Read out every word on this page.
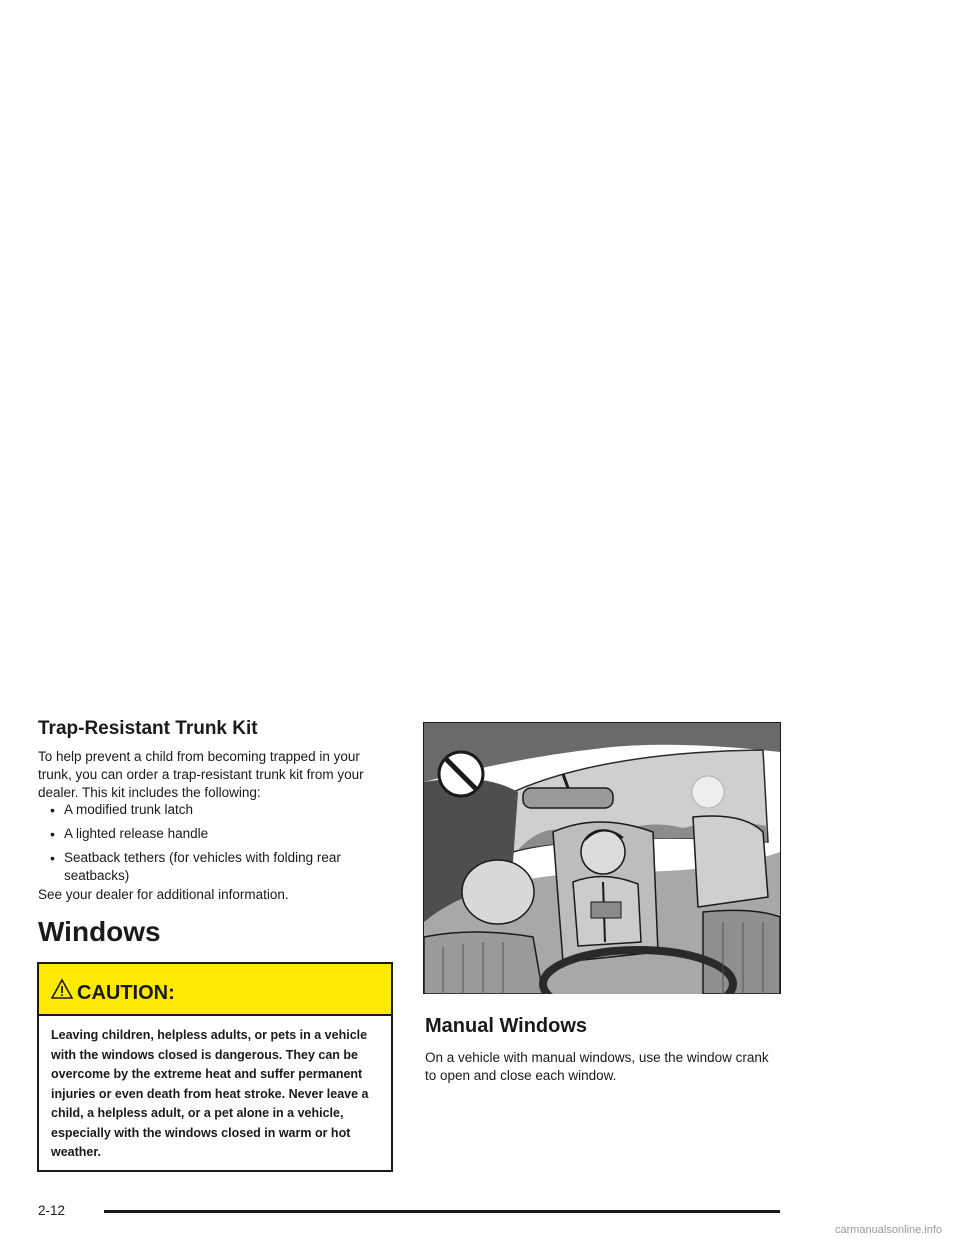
Trap-Resistant Trunk Kit

To help prevent a child from becoming trapped in your trunk, you can order a trap-resistant trunk kit from your dealer. This kit includes the following:

• A modified trunk latch
• A lighted release handle
• Seatback tethers (for vehicles with folding rear seatbacks)

See your dealer for additional information.

Windows
CAUTION:

Leaving children, helpless adults, or pets in a vehicle with the windows closed is dangerous. They can be overcome by the extreme heat and suffer permanent injuries or even death from heat stroke. Never leave a child, a helpless adult, or a pet alone in a vehicle, especially with the windows closed in warm or hot weather.

Manual Windows

On a vehicle with manual windows, use the window crank to open and close each window.

2-12
carmanualsonline.info
